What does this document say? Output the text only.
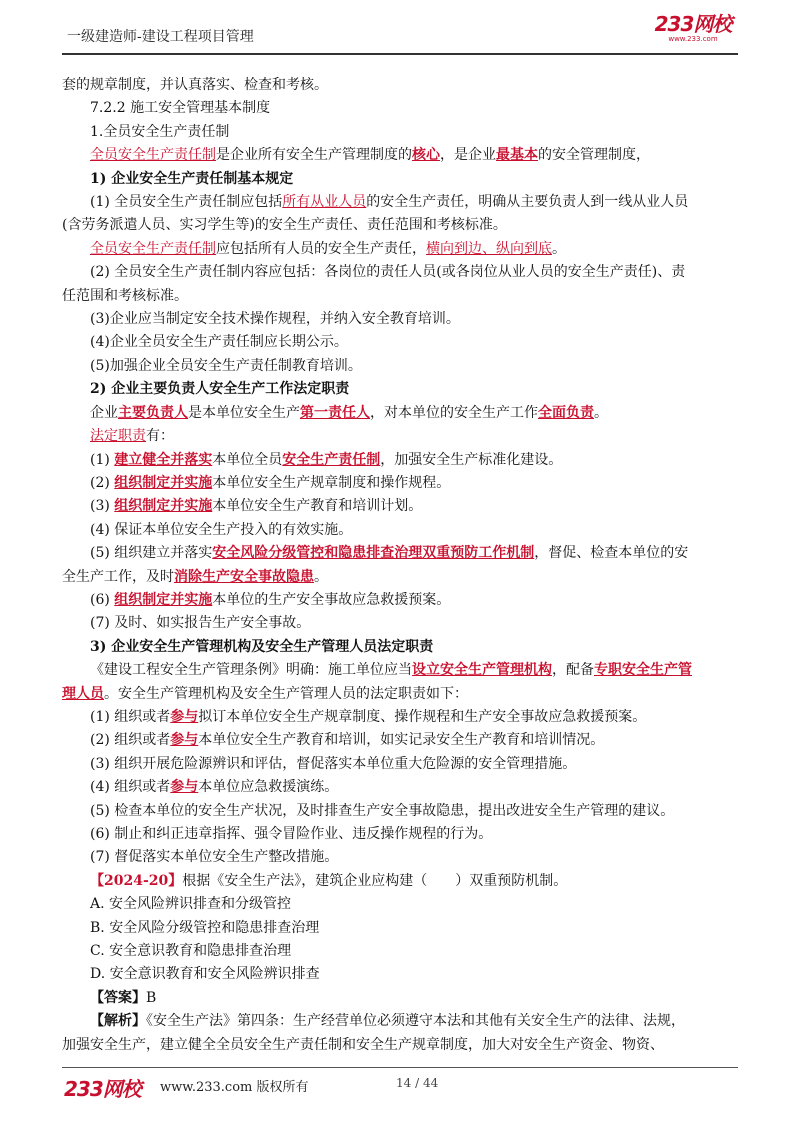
一级建造师-建设工程项目管理
233网校
www.233.com

套的规章制度，并认真落实、检查和考核。

7.2.2 施工安全管理基本制度

1.全员安全生产责任制

全员安全生产责任制是企业所有安全生产管理制度的核心，是企业最基本的安全管理制度，

1) 企业安全生产责任制基本规定

(1) 全员安全生产责任制应包括所有从业人员的安全生产责任，明确从主要负责人到一线从业人员

(含劳务派遣人员、实习学生等)的安全生产责任、责任范围和考核标准。

全员安全生产责任制应包括所有人员的安全生产责任，横向到边、纵向到底。

(2) 全员安全生产责任制内容应包括：各岗位的责任人员(或各岗位从业人员的安全生产责任)、责

任范围和考核标准。

(3)企业应当制定安全技术操作规程，并纳入安全教育培训。

(4)企业全员安全生产责任制应长期公示。

(5)加强企业全员安全生产责任制教育培训。

2) 企业主要负责人安全生产工作法定职责

企业主要负责人是本单位安全生产第一责任人，对本单位的安全生产工作全面负责。

法定职责有：

(1) 建立健全并落实本单位全员安全生产责任制，加强安全生产标准化建设。

(2) 组织制定并实施本单位安全生产规章制度和操作规程。

(3) 组织制定并实施本单位安全生产教育和培训计划。

(4) 保证本单位安全生产投入的有效实施。

(5) 组织建立并落实安全风险分级管控和隐患排查治理双重预防工作机制，督促、检查本单位的安

全生产工作，及时消除生产安全事故隐患。

(6) 组织制定并实施本单位的生产安全事故应急救援预案。

(7) 及时、如实报告生产安全事故。

3) 企业安全生产管理机构及安全生产管理人员法定职责

《建设工程安全生产管理条例》明确：施工单位应当设立安全生产管理机构，配备专职安全生产管

理人员。安全生产管理机构及安全生产管理人员的法定职责如下：

(1) 组织或者参与拟订本单位安全生产规章制度、操作规程和生产安全事故应急救援预案。

(2) 组织或者参与本单位安全生产教育和培训，如实记录安全生产教育和培训情况。

(3) 组织开展危险源辨识和评估，督促落实本单位重大危险源的安全管理措施。

(4) 组织或者参与本单位应急救援演练。

(5) 检查本单位的安全生产状况，及时排查生产安全事故隐患，提出改进安全生产管理的建议。

(6) 制止和纠正违章指挥、强令冒险作业、违反操作规程的行为。

(7) 督促落实本单位安全生产整改措施。

【2024-20】根据《安全生产法》，建筑企业应构建（　　）双重预防机制。

A. 安全风险辨识排查和分级管控

B. 安全风险分级管控和隐患排查治理

C. 安全意识教育和隐患排查治理

D. 安全意识教育和安全风险辨识排查

【答案】B

【解析】《安全生产法》第四条：生产经营单位必须遵守本法和其他有关安全生产的法律、法规，

加强安全生产，建立健全全员安全生产责任制和安全生产规章制度，加大对安全生产资金、物资、

233网校 www.233.com 版权所有	14 / 44
